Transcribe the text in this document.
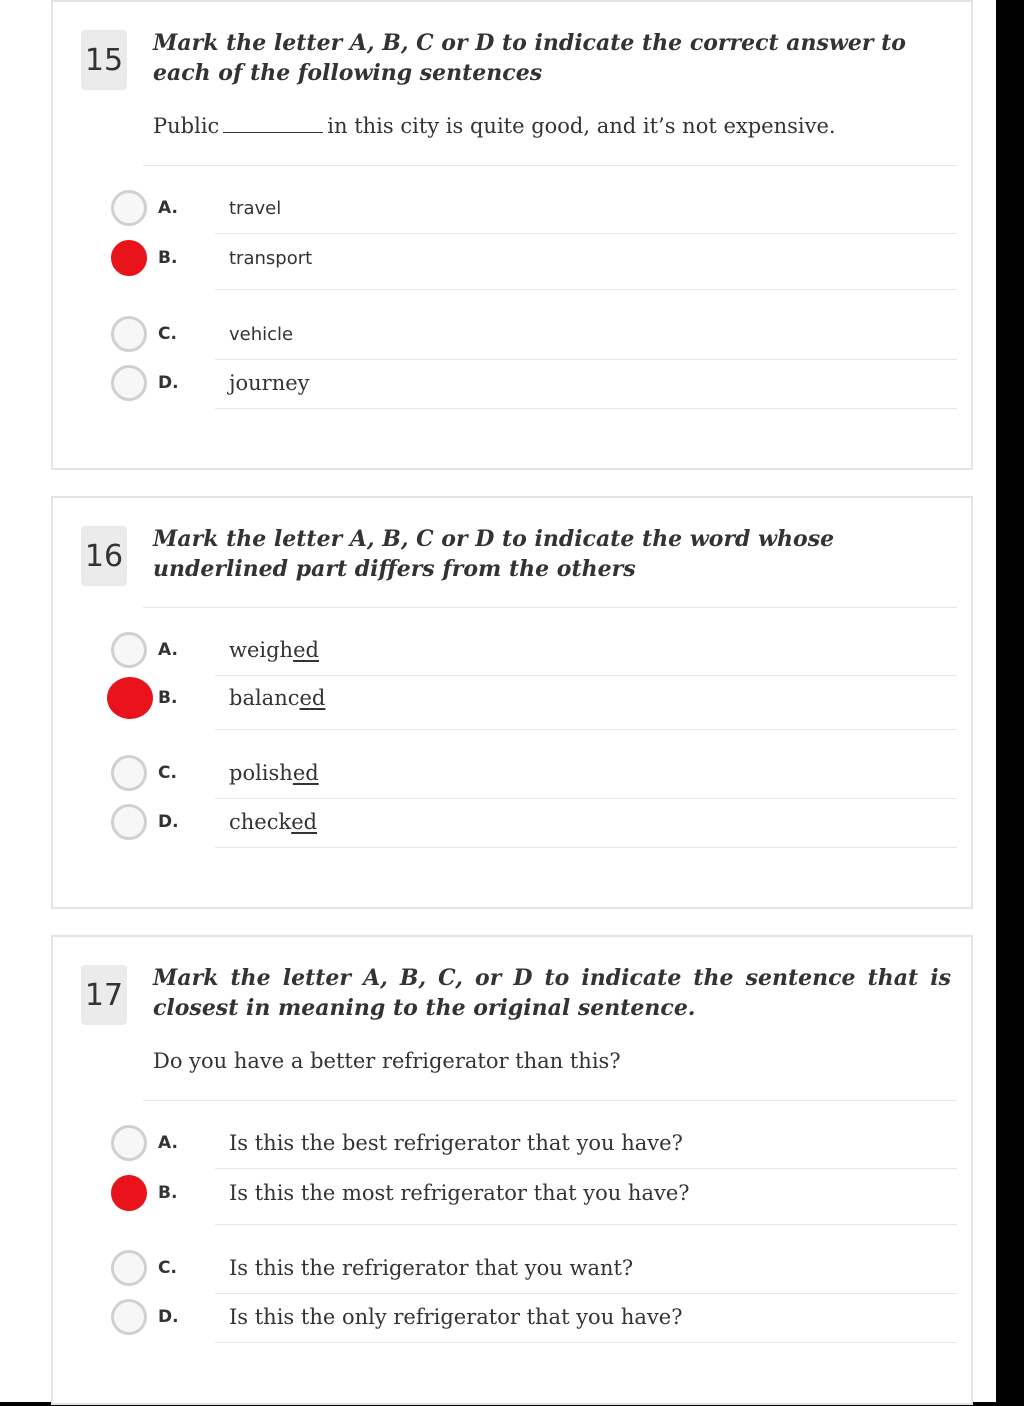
15 Mark the letter A, B, C or D to indicate the correct answer to each of the following sentences
Public	in this city is quite good, and it’s not expensive.
A.	travel
B.	transport
C.	vehicle
D. journey
16 Mark the letter A, B, C or D to indicate the word whose underlined part differs from the others
A. weighed
B. balanced
C. polished
D. checked
17 Mark the letter A, B, C, or D to indicate the sentence that is closest in meaning to the original sentence.
Do you have a better refrigerator than this?
A. Is this the best refrigerator that you have?
B. Is this the most refrigerator that you have?
C. Is this the refrigerator that you want?
D. Is this the only refrigerator that you have?
